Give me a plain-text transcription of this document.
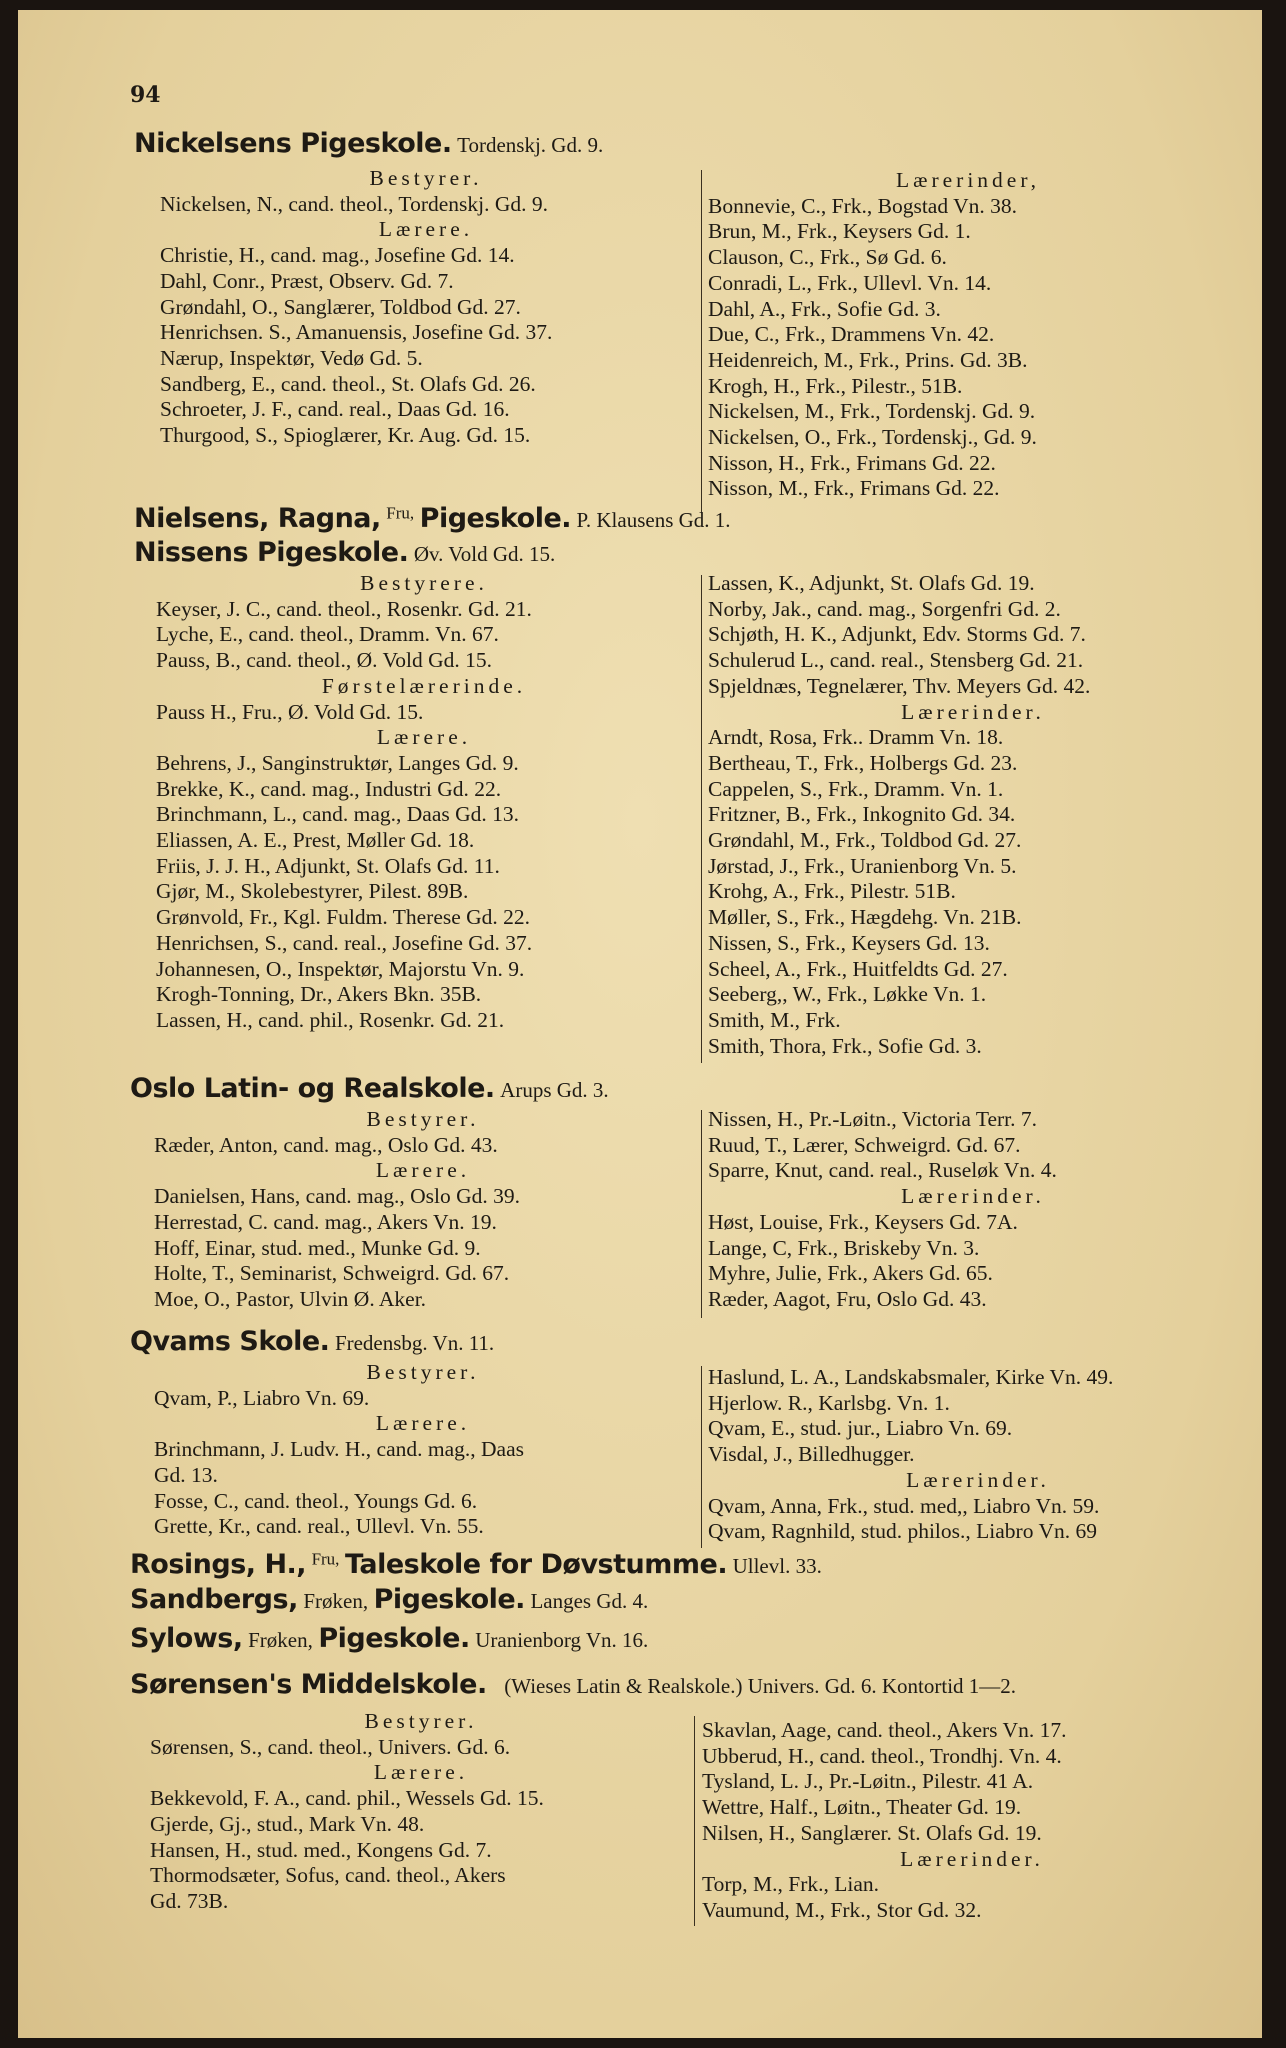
94
Nickelsens Pigeskole. Tordenskj. Gd. 9.
Bestyrer.
Nickelsen, N., cand. theol., Tordenskj. Gd. 9.
Lærere.
Christie, H., cand. mag., Josefine Gd. 14.
Dahl, Conr., Præst, Observ. Gd. 7.
Grøndahl, O., Sanglærer, Toldbod Gd. 27.
Henrichsen. S., Amanuensis, Josefine Gd. 37.
Nærup, Inspektør, Vedø Gd. 5.
Sandberg, E., cand. theol., St. Olafs Gd. 26.
Schroeter, J. F., cand. real., Daas Gd. 16.
Thurgood, S., Spioglærer, Kr. Aug. Gd. 15.
Lærerinder,
Bonnevie, C., Frk., Bogstad Vn. 38.
Brun, M., Frk., Keysers Gd. 1.
Clauson, C., Frk., Sø Gd. 6.
Conradi, L., Frk., Ullevl. Vn. 14.
Dahl, A., Frk., Sofie Gd. 3.
Due, C., Frk., Drammens Vn. 42.
Heidenreich, M., Frk., Prins. Gd. 3B.
Krogh, H., Frk., Pilestr., 51B.
Nickelsen, M., Frk., Tordenskj. Gd. 9.
Nickelsen, O., Frk., Tordenskj., Gd. 9.
Nisson, H., Frk., Frimans Gd. 22.
Nisson, M., Frk., Frimans Gd. 22.
Nielsens, Ragna, $^{Fru,}$ Pigeskole. P. Klausens Gd. 1.
Nissens Pigeskole. Øv. Vold Gd. 15.
Bestyrere.
Keyser, J. C., cand. theol., Rosenkr. Gd. 21.
Lyche, E., cand. theol., Dramm. Vn. 67.
Pauss, B., cand. theol., Ø. Vold Gd. 15.
Førstelærerinde.
Pauss H., Fru., Ø. Vold Gd. 15.
Lærere.
Behrens, J., Sanginstruktør, Langes Gd. 9.
Brekke, K., cand. mag., Industri Gd. 22.
Brinchmann, L., cand. mag., Daas Gd. 13.
Eliassen, A. E., Prest, Møller Gd. 18.
Friis, J. J. H., Adjunkt, St. Olafs Gd. 11.
Gjør, M., Skolebestyrer, Pilest. 89B.
Grønvold, Fr., Kgl. Fuldm. Therese Gd. 22.
Henrichsen, S., cand. real., Josefine Gd. 37.
Johannesen, O., Inspektør, Majorstu Vn. 9.
Krogh-Tonning, Dr., Akers Bkn. 35B.
Lassen, H., cand. phil., Rosenkr. Gd. 21.
Lassen, K., Adjunkt, St. Olafs Gd. 19.
Norby, Jak., cand. mag., Sorgenfri Gd. 2.
Schjøth, H. K., Adjunkt, Edv. Storms Gd. 7.
Schulerud L., cand. real., Stensberg Gd. 21.
Spjeldnæs, Tegnelærer, Thv. Meyers Gd. 42.
Lærerinder.
Arndt, Rosa, Frk.. Dramm Vn. 18.
Bertheau, T., Frk., Holbergs Gd. 23.
Cappelen, S., Frk., Dramm. Vn. 1.
Fritzner, B., Frk., Inkognito Gd. 34.
Grøndahl, M., Frk., Toldbod Gd. 27.
Jørstad, J., Frk., Uranienborg Vn. 5.
Krohg, A., Frk., Pilestr. 51B.
Møller, S., Frk., Hægdehg. Vn. 21B.
Nissen, S., Frk., Keysers Gd. 13.
Scheel, A., Frk., Huitfeldts Gd. 27.
Seeberg,, W., Frk., Løkke Vn. 1.
Smith, M., Frk.
Smith, Thora, Frk., Sofie Gd. 3.
Oslo Latin- og Realskole. Arups Gd. 3.
Bestyrer.
Ræder, Anton, cand. mag., Oslo Gd. 43.
Lærere.
Danielsen, Hans, cand. mag., Oslo Gd. 39.
Herrestad, C. cand. mag., Akers Vn. 19.
Hoff, Einar, stud. med., Munke Gd. 9.
Holte, T., Seminarist, Schweigrd. Gd. 67.
Moe, O., Pastor, Ulvin Ø. Aker.
Nissen, H., Pr.-Løitn., Victoria Terr. 7.
Ruud, T., Lærer, Schweigrd. Gd. 67.
Sparre, Knut, cand. real., Ruseløk Vn. 4.
Lærerinder.
Høst, Louise, Frk., Keysers Gd. 7A.
Lange, C, Frk., Briskeby Vn. 3.
Myhre, Julie, Frk., Akers Gd. 65.
Ræder, Aagot, Fru, Oslo Gd. 43.
Qvams Skole. Fredensbg. Vn. 11.
Bestyrer.
Qvam, P., Liabro Vn. 69.
Lærere.
Brinchmann, J. Ludv. H., cand. mag., Daas
Gd. 13.
Fosse, C., cand. theol., Youngs Gd. 6.
Grette, Kr., cand. real., Ullevl. Vn. 55.
Haslund, L. A., Landskabsmaler, Kirke Vn. 49.
Hjerlow. R., Karlsbg. Vn. 1.
Qvam, E., stud. jur., Liabro Vn. 69.
Visdal, J., Billedhugger.
Lærerinder.
Qvam, Anna, Frk., stud. med,, Liabro Vn. 59.
Qvam, Ragnhild, stud. philos., Liabro Vn. 69
Rosings, H., $^{Fru,}$ Taleskole for Døvstumme. Ullevl. 33.
Sandbergs, Frøken, Pigeskole. Langes Gd. 4.
Sylows, Frøken, Pigeskole. Uranienborg Vn. 16.
Sørensen's Middelskole. (Wieses Latin & Realskole.) Univers. Gd. 6. Kontortid 1—2.
Bestyrer.
Sørensen, S., cand. theol., Univers. Gd. 6.
Lærere.
Bekkevold, F. A., cand. phil., Wessels Gd. 15.
Gjerde, Gj., stud., Mark Vn. 48.
Hansen, H., stud. med., Kongens Gd. 7.
Thormodsæter, Sofus, cand. theol., Akers
Gd. 73B.
Skavlan, Aage, cand. theol., Akers Vn. 17.
Ubberud, H., cand. theol., Trondhj. Vn. 4.
Tysland, L. J., Pr.-Løitn., Pilestr. 41 A.
Wettre, Half., Løitn., Theater Gd. 19.
Nilsen, H., Sanglærer. St. Olafs Gd. 19.
Lærerinder.
Torp, M., Frk., Lian.
Vaumund, M., Frk., Stor Gd. 32.
